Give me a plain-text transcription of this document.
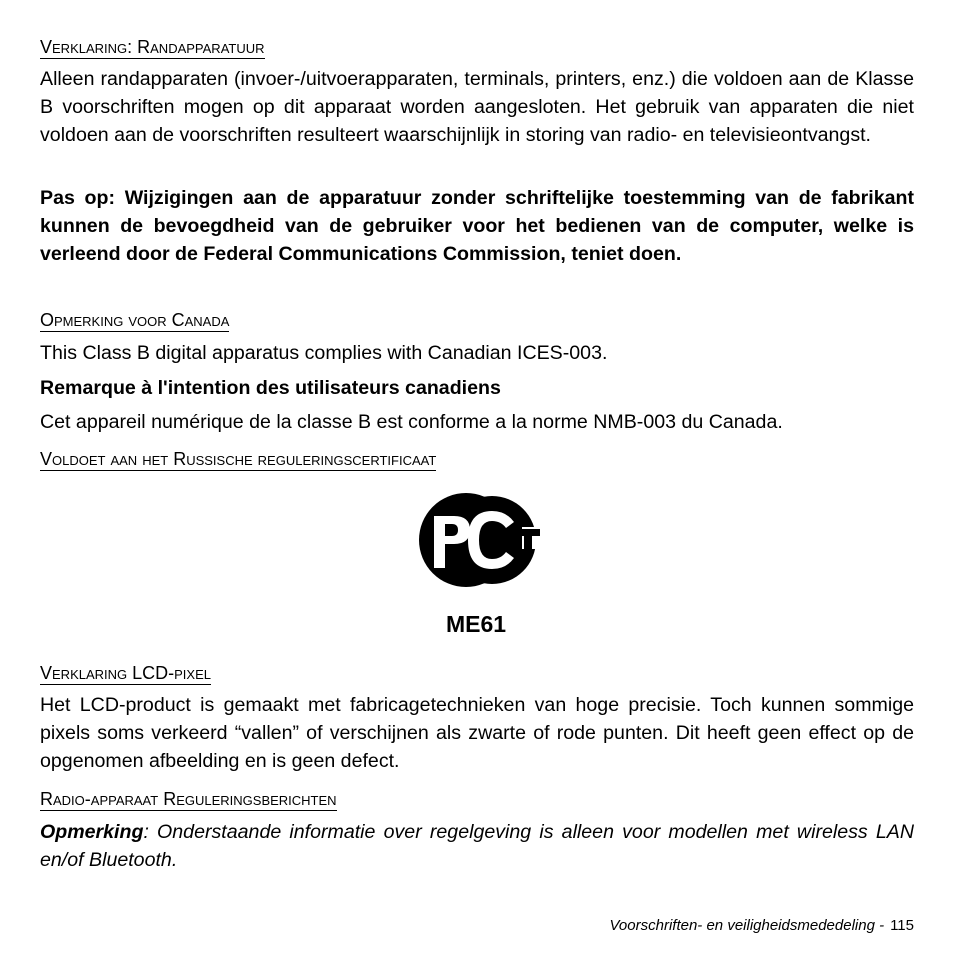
Verklaring: Randapparatuur
Alleen randapparaten (invoer-/uitvoerapparaten, terminals, printers, enz.) die voldoen aan de Klasse B voorschriften mogen op dit apparaat worden aangesloten. Het gebruik van apparaten die niet voldoen aan de voorschriften resulteert waarschijnlijk in storing van radio- en televisieontvangst.
Pas op: Wijzigingen aan de apparatuur zonder schriftelijke toestemming van de fabrikant kunnen de bevoegdheid van de gebruiker voor het bedienen van de computer, welke is verleend door de Federal Communications Commission, teniet doen.
Opmerking voor Canada
This Class B digital apparatus complies with Canadian ICES-003.
Remarque à l'intention des utilisateurs canadiens
Cet appareil numérique de la classe B est conforme a la norme NMB-003 du Canada.
Voldoet aan het Russische reguleringscertificaat
ME61
Verklaring LCD-pixel
Het LCD-product is gemaakt met fabricagetechnieken van hoge precisie. Toch kunnen sommige pixels soms verkeerd “vallen” of verschijnen als zwarte of rode punten. Dit heeft geen effect op de opgenomen afbeelding en is geen defect.
Radio-apparaat Reguleringsberichten
Opmerking: Onderstaande informatie over regelgeving is alleen voor modellen met wireless LAN en/of Bluetooth.
Voorschriften- en veiligheidsmededeling - 115
